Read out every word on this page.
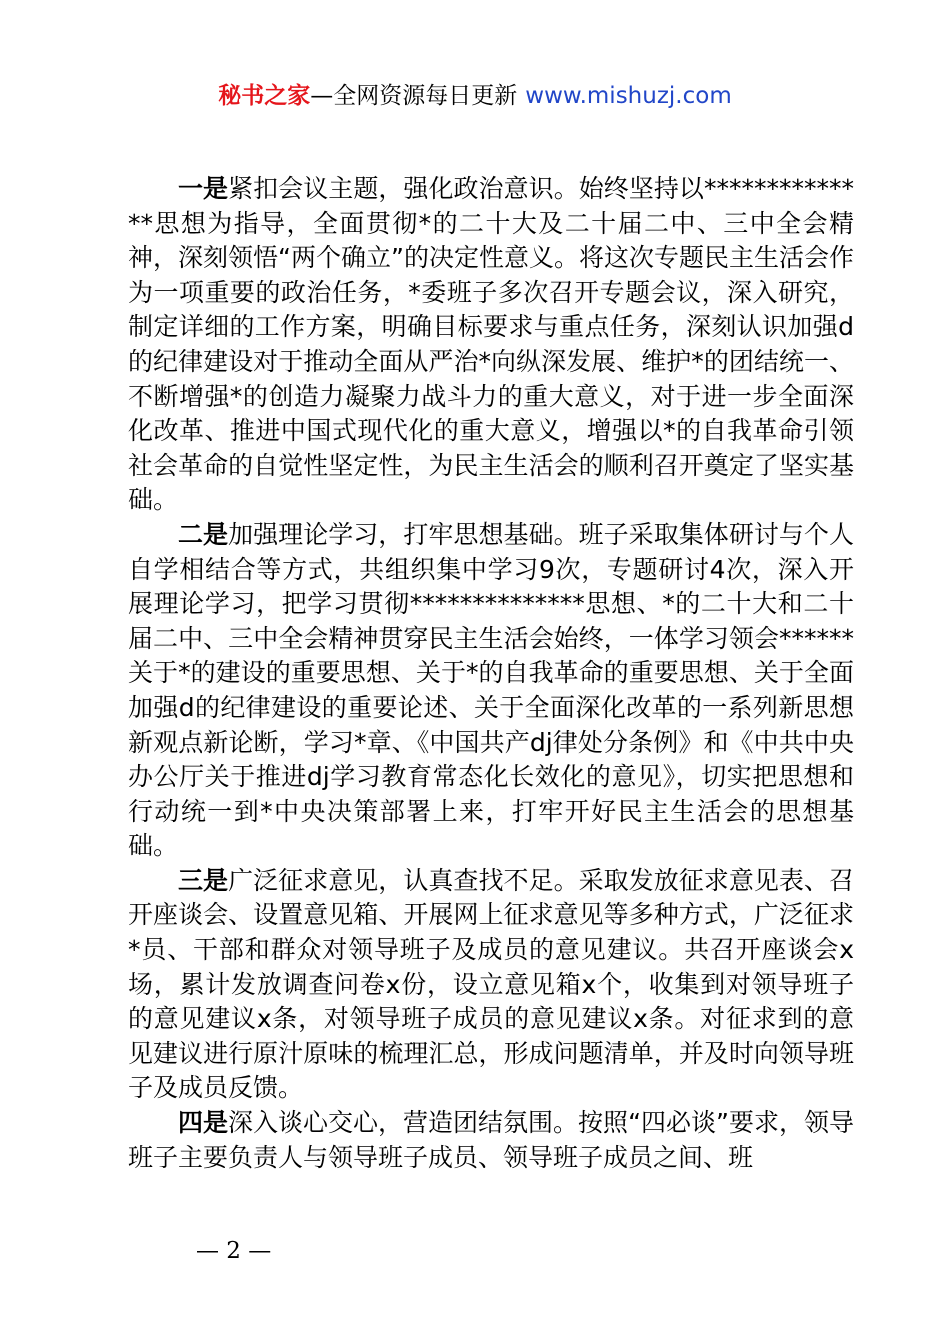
秘书之家—全网资源每日更新 www.mishuzj.com

一是紧扣会议主题，强化政治意识。始终坚持以**************思想为指导，全面贯彻*的二十大及二十届二中、三中全会精神，深刻领悟“两个确立”的决定性意义。将这次专题民主生活会作为一项重要的政治任务，*委班子多次召开专题会议，深入研究，制定详细的工作方案，明确目标要求与重点任务，深刻认识加强d的纪律建设对于推动全面从严治*向纵深发展、维护*的团结统一、不断增强*的创造力凝聚力战斗力的重大意义，对于进一步全面深化改革、推进中国式现代化的重大意义，增强以*的自我革命引领社会革命的自觉性坚定性，为民主生活会的顺利召开奠定了坚实基础。

二是加强理论学习，打牢思想基础。班子采取集体研讨与个人自学相结合等方式，共组织集中学习9次，专题研讨4次，深入开展理论学习，把学习贯彻**************思想、*的二十大和二十届二中、三中全会精神贯穿民主生活会始终，一体学习领会******关于*的建设的重要思想、关于*的自我革命的重要思想、关于全面加强d的纪律建设的重要论述、关于全面深化改革的一系列新思想新观点新论断，学习*章、《中国共产dj律处分条例》和《中共中央办公厅关于推进dj学习教育常态化长效化的意见》，切实把思想和行动统一到*中央决策部署上来，打牢开好民主生活会的思想基础。

三是广泛征求意见，认真查找不足。采取发放征求意见表、召开座谈会、设置意见箱、开展网上征求意见等多种方式，广泛征求*员、干部和群众对领导班子及成员的意见建议。共召开座谈会x场，累计发放调查问卷x份，设立意见箱x个，收集到对领导班子的意见建议x条，对领导班子成员的意见建议x条。对征求到的意见建议进行原汁原味的梳理汇总，形成问题清单，并及时向领导班子及成员反馈。

四是深入谈心交心，营造团结氛围。按照“四必谈”要求，领导班子主要负责人与领导班子成员、领导班子成员之间、班

— 2 —
